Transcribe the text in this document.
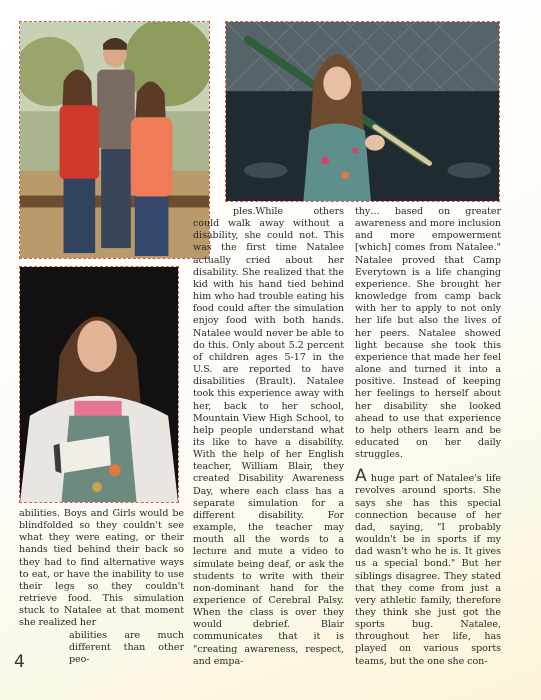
abilities. Boys and Girls would be blindfolded so they couldn't see what they were eating, or their hands tied behind their back so they had to find alternative ways to eat, or have the inability to use their legs so they couldn't retrieve food. This simulation stuck to Natalee at that moment she realized her

abilities are much different than other peo-

ples.While others could walk away without a disability, she could not. This was the first time Natalee actually cried about her disability. She realized that the kid with his hand tied behind him who had trouble eating his food could after the simulation enjoy food with both hands. Natalee would never be able to do this. Only about 5.2 percent of children ages 5-17 in the U.S. are reported to have disabilities (Brault). Natalee took this experience away with her, back to her school, Mountain View High School, to help people understand what its like to have a disability. With the help of her English teacher, William Blair, they created Disability Awareness Day, where each class has a separate simulation for a different disability. For example, the teacher may mouth all the words to a lecture and mute a video to simulate being deaf, or ask the students to write with their non-dominant hand for the experience of Cerebral Palsy. When the class is over they would debrief. Blair communicates that it is "creating awareness, respect, and empa-

thy… based on greater awareness and more inclusion and more empowerment [which] comes from Natalee." Natalee proved that Camp Everytown is a life changing experience. She brought her knowledge from camp back with her to apply to not only her life but also the lives of her peers. Natalee showed light because she took this experience that made her feel alone and turned it into a positive. Instead of keeping her feelings to herself about her disability she looked ahead to use that experience to help others learn and be educated on her daily struggles.

A huge part of Natalee's life revolves around sports. She says she has this special connection because of her dad, saying, "I probably wouldn't be in sports if my dad wasn't who he is. It gives us a special bond." But her siblings disagree. They stated that they come from just a very athletic family, therefore they think she just got the sports bug. Natalee, throughout her life, has played on various sports teams, but the one she con-

4
